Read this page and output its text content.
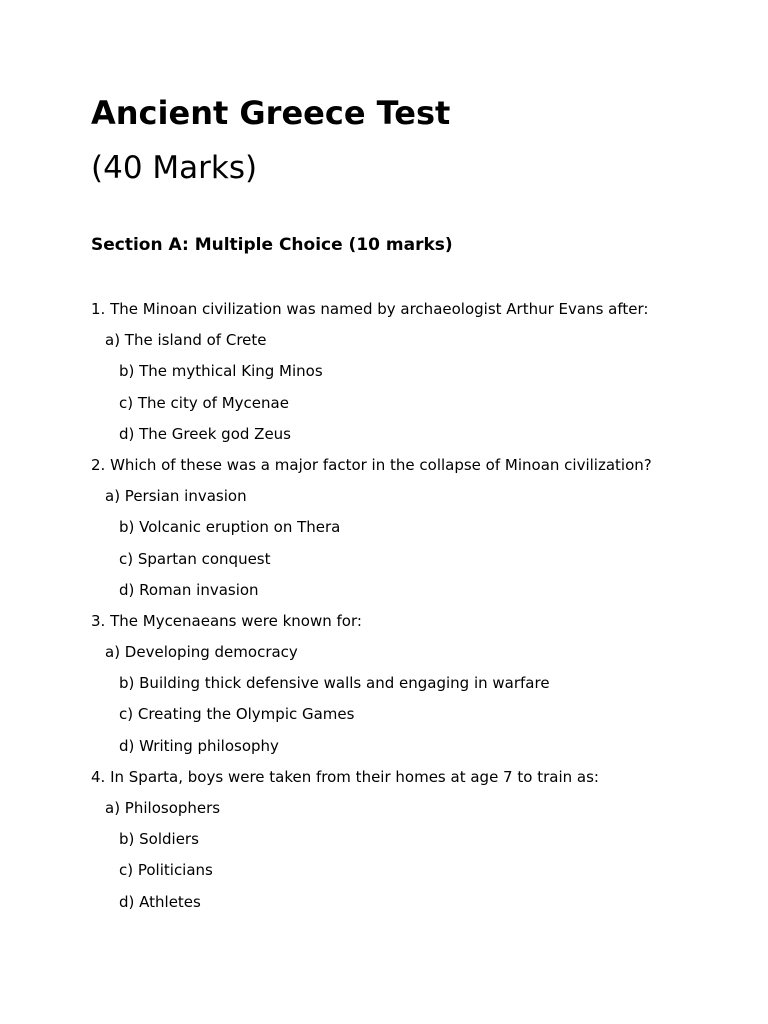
Ancient Greece Test
(40 Marks)
Section A: Multiple Choice (10 marks)
1. The Minoan civilization was named by archaeologist Arthur Evans after:
a) The island of Crete
b) The mythical King Minos
c) The city of Mycenae
d) The Greek god Zeus
2. Which of these was a major factor in the collapse of Minoan civilization?
a) Persian invasion
b) Volcanic eruption on Thera
c) Spartan conquest
d) Roman invasion
3. The Mycenaeans were known for:
a) Developing democracy
b) Building thick defensive walls and engaging in warfare
c) Creating the Olympic Games
d) Writing philosophy
4. In Sparta, boys were taken from their homes at age 7 to train as:
a) Philosophers
b) Soldiers
c) Politicians
d) Athletes
